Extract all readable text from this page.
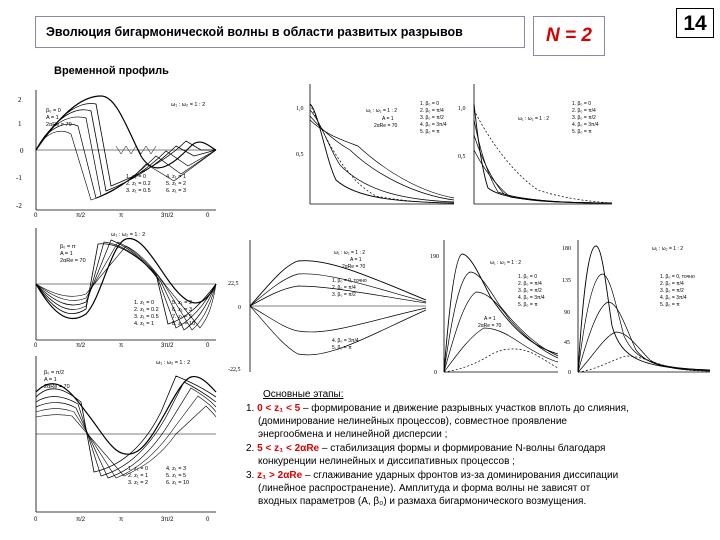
Эволюция бигармонической волны в области развитых разрывов	N = 2
14
Временной профиль
2
1
0
-1
-2
0	π/2	π	3π/2	0
ω₁ : ω₂ = 1 : 2
β₀ = 0
A = 1
2αRe = 70
1. z₁ = 0
2. z₁ = 0.2
3. z₁ = 0.5
4. z₁ = 1
5. z₁ = 2
6. z₁ = 3
0	π/2	π	3π/2	0
ω₁ : ω₂ = 1 : 2
β₀ = π
A = 1
2αRe = 70
1. z₁ = 0
2. z₁ = 0.2
3. z₁ = 0.5
4. z₁ = 1
5. z₁ = 2
6. z₁ = 3
7. z₁ = 5
8. z₁ = 10
0	π/2	π	3π/2	0
ω₁ : ω₂ = 1 : 2
β₀ = π/2
A = 1
2αRe = 70
1. z₁ = 0
2. z₁ = 1
3. z₁ = 2
4. z₁ = 3
5. z₁ = 5
6. z₁ = 10
1,0
0,5
ω₁ : ω₂ = 1 : 2
A = 1
2αRe = 70
1. β₀ = 0
2. β₀ = π/4
3. β₀ = π/2
4. β₀ = 3π/4
5. β₀ = π
1,0
0,5
ω₁ : ω₂ = 1 : 2
1. β₀ = 0
2. β₀ = π/4
3. β₀ = π/2
4. β₀ = 3π/4
5. β₀ = π
22,5
0
-22,5
ω₁ : ω₂ = 1 : 2
A = 1
2αRe = 70
1. β₀ = 0, точно
2. β₀ = π/4
3. β₀ = π/2
4. β₀ = 3π/4
5. β₀ = π
190
0
ω₁ : ω₂ = 1 : 2
A = 1
2αRe = 70
1. β₀ = 0
2. β₀ = π/4
3. β₀ = π/2
4. β₀ = 3π/4
5. β₀ = π
180
135
90
45
0
ω₁ : ω₂ = 1 : 2
1. β₀ = 0, точно
2. β₀ = π/4
3. β₀ = π/2
4. β₀ = 3π/4
5. β₀ = π
Основные этапы:
1. 0 < z₁ < 5 – формирование и движение разрывных участков вплоть до слияния,
(доминирование нелинейных процессов), совместное проявление
энергообмена и нелинейной дисперсии ;
2. 5 < z₁ < 2αRe – стабилизация формы и формирование N-волны благодаря
конкуренции нелинейных и диссипативных процессов ;
3. z₁ > 2αRe – сглаживание ударных фронтов из-за доминирования диссипации
(линейное распространение). Амплитуда и форма волны не зависят от
входных параметров (A, β₀) и размаха бигармонического возмущения.
